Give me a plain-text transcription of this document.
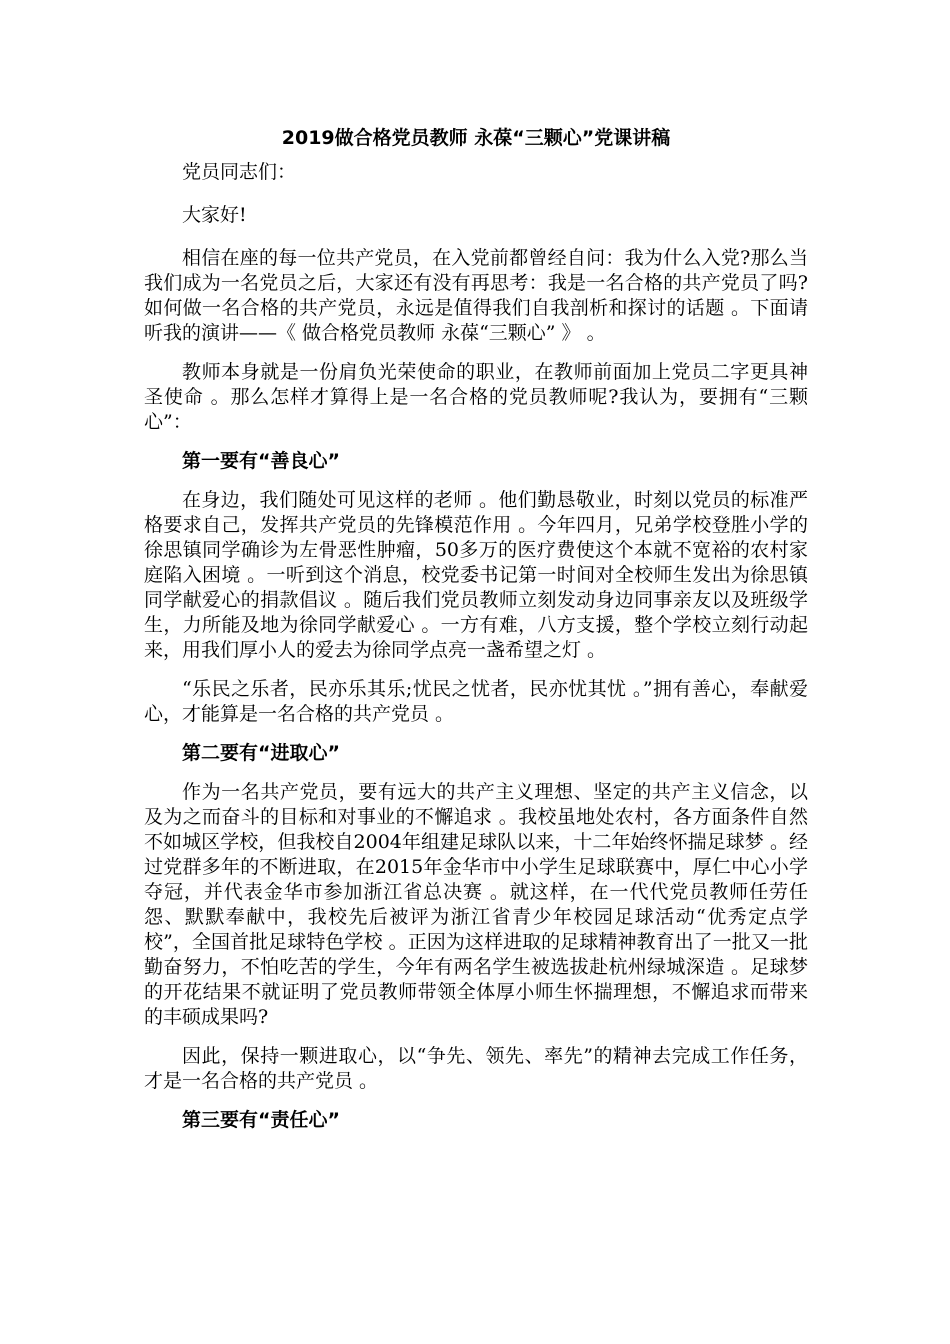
2019做合格党员教师 永葆“三颗心”党课讲稿

党员同志们：

大家好!

相信在座的每一位共产党员，在入党前都曾经自问：我为什么入党?那么当我们成为一名党员之后，大家还有没有再思考：我是一名合格的共产党员了吗?如何做一名合格的共产党员，永远是值得我们自我剖析和探讨的话题 。下面请听我的演讲——《 做合格党员教师 永葆“三颗心” 》 。

教师本身就是一份肩负光荣使命的职业，在教师前面加上党员二字更具神圣使命 。那么怎样才算得上是一名合格的党员教师呢?我认为，要拥有“三颗心”：

第一要有“善良心”

在身边，我们随处可见这样的老师 。他们勤恳敬业，时刻以党员的标准严格要求自己，发挥共产党员的先锋模范作用 。今年四月，兄弟学校登胜小学的徐思镇同学确诊为左骨恶性肿瘤，50多万的医疗费使这个本就不宽裕的农村家庭陷入困境 。一听到这个消息，校党委书记第一时间对全校师生发出为徐思镇同学献爱心的捐款倡议 。随后我们党员教师立刻发动身边同事亲友以及班级学生，力所能及地为徐同学献爱心 。一方有难，八方支援，整个学校立刻行动起来，用我们厚小人的爱去为徐同学点亮一盏希望之灯 。

“乐民之乐者，民亦乐其乐;忧民之忧者，民亦忧其忧 。”拥有善心，奉献爱心，才能算是一名合格的共产党员 。

第二要有“进取心”

作为一名共产党员，要有远大的共产主义理想、坚定的共产主义信念，以及为之而奋斗的目标和对事业的不懈追求 。我校虽地处农村，各方面条件自然不如城区学校，但我校自2004年组建足球队以来，十二年始终怀揣足球梦 。经过党群多年的不断进取，在2015年金华市中小学生足球联赛中，厚仁中心小学夺冠，并代表金华市参加浙江省总决赛 。就这样，在一代代党员教师任劳任怨、默默奉献中，我校先后被评为浙江省青少年校园足球活动“优秀定点学校”，全国首批足球特色学校 。正因为这样进取的足球精神教育出了一批又一批勤奋努力，不怕吃苦的学生，今年有两名学生被选拔赴杭州绿城深造 。足球梦的开花结果不就证明了党员教师带领全体厚小师生怀揣理想，不懈追求而带来的丰硕成果吗?

因此，保持一颗进取心，以“争先、领先、率先”的精神去完成工作任务，才是一名合格的共产党员 。

第三要有“责任心”
